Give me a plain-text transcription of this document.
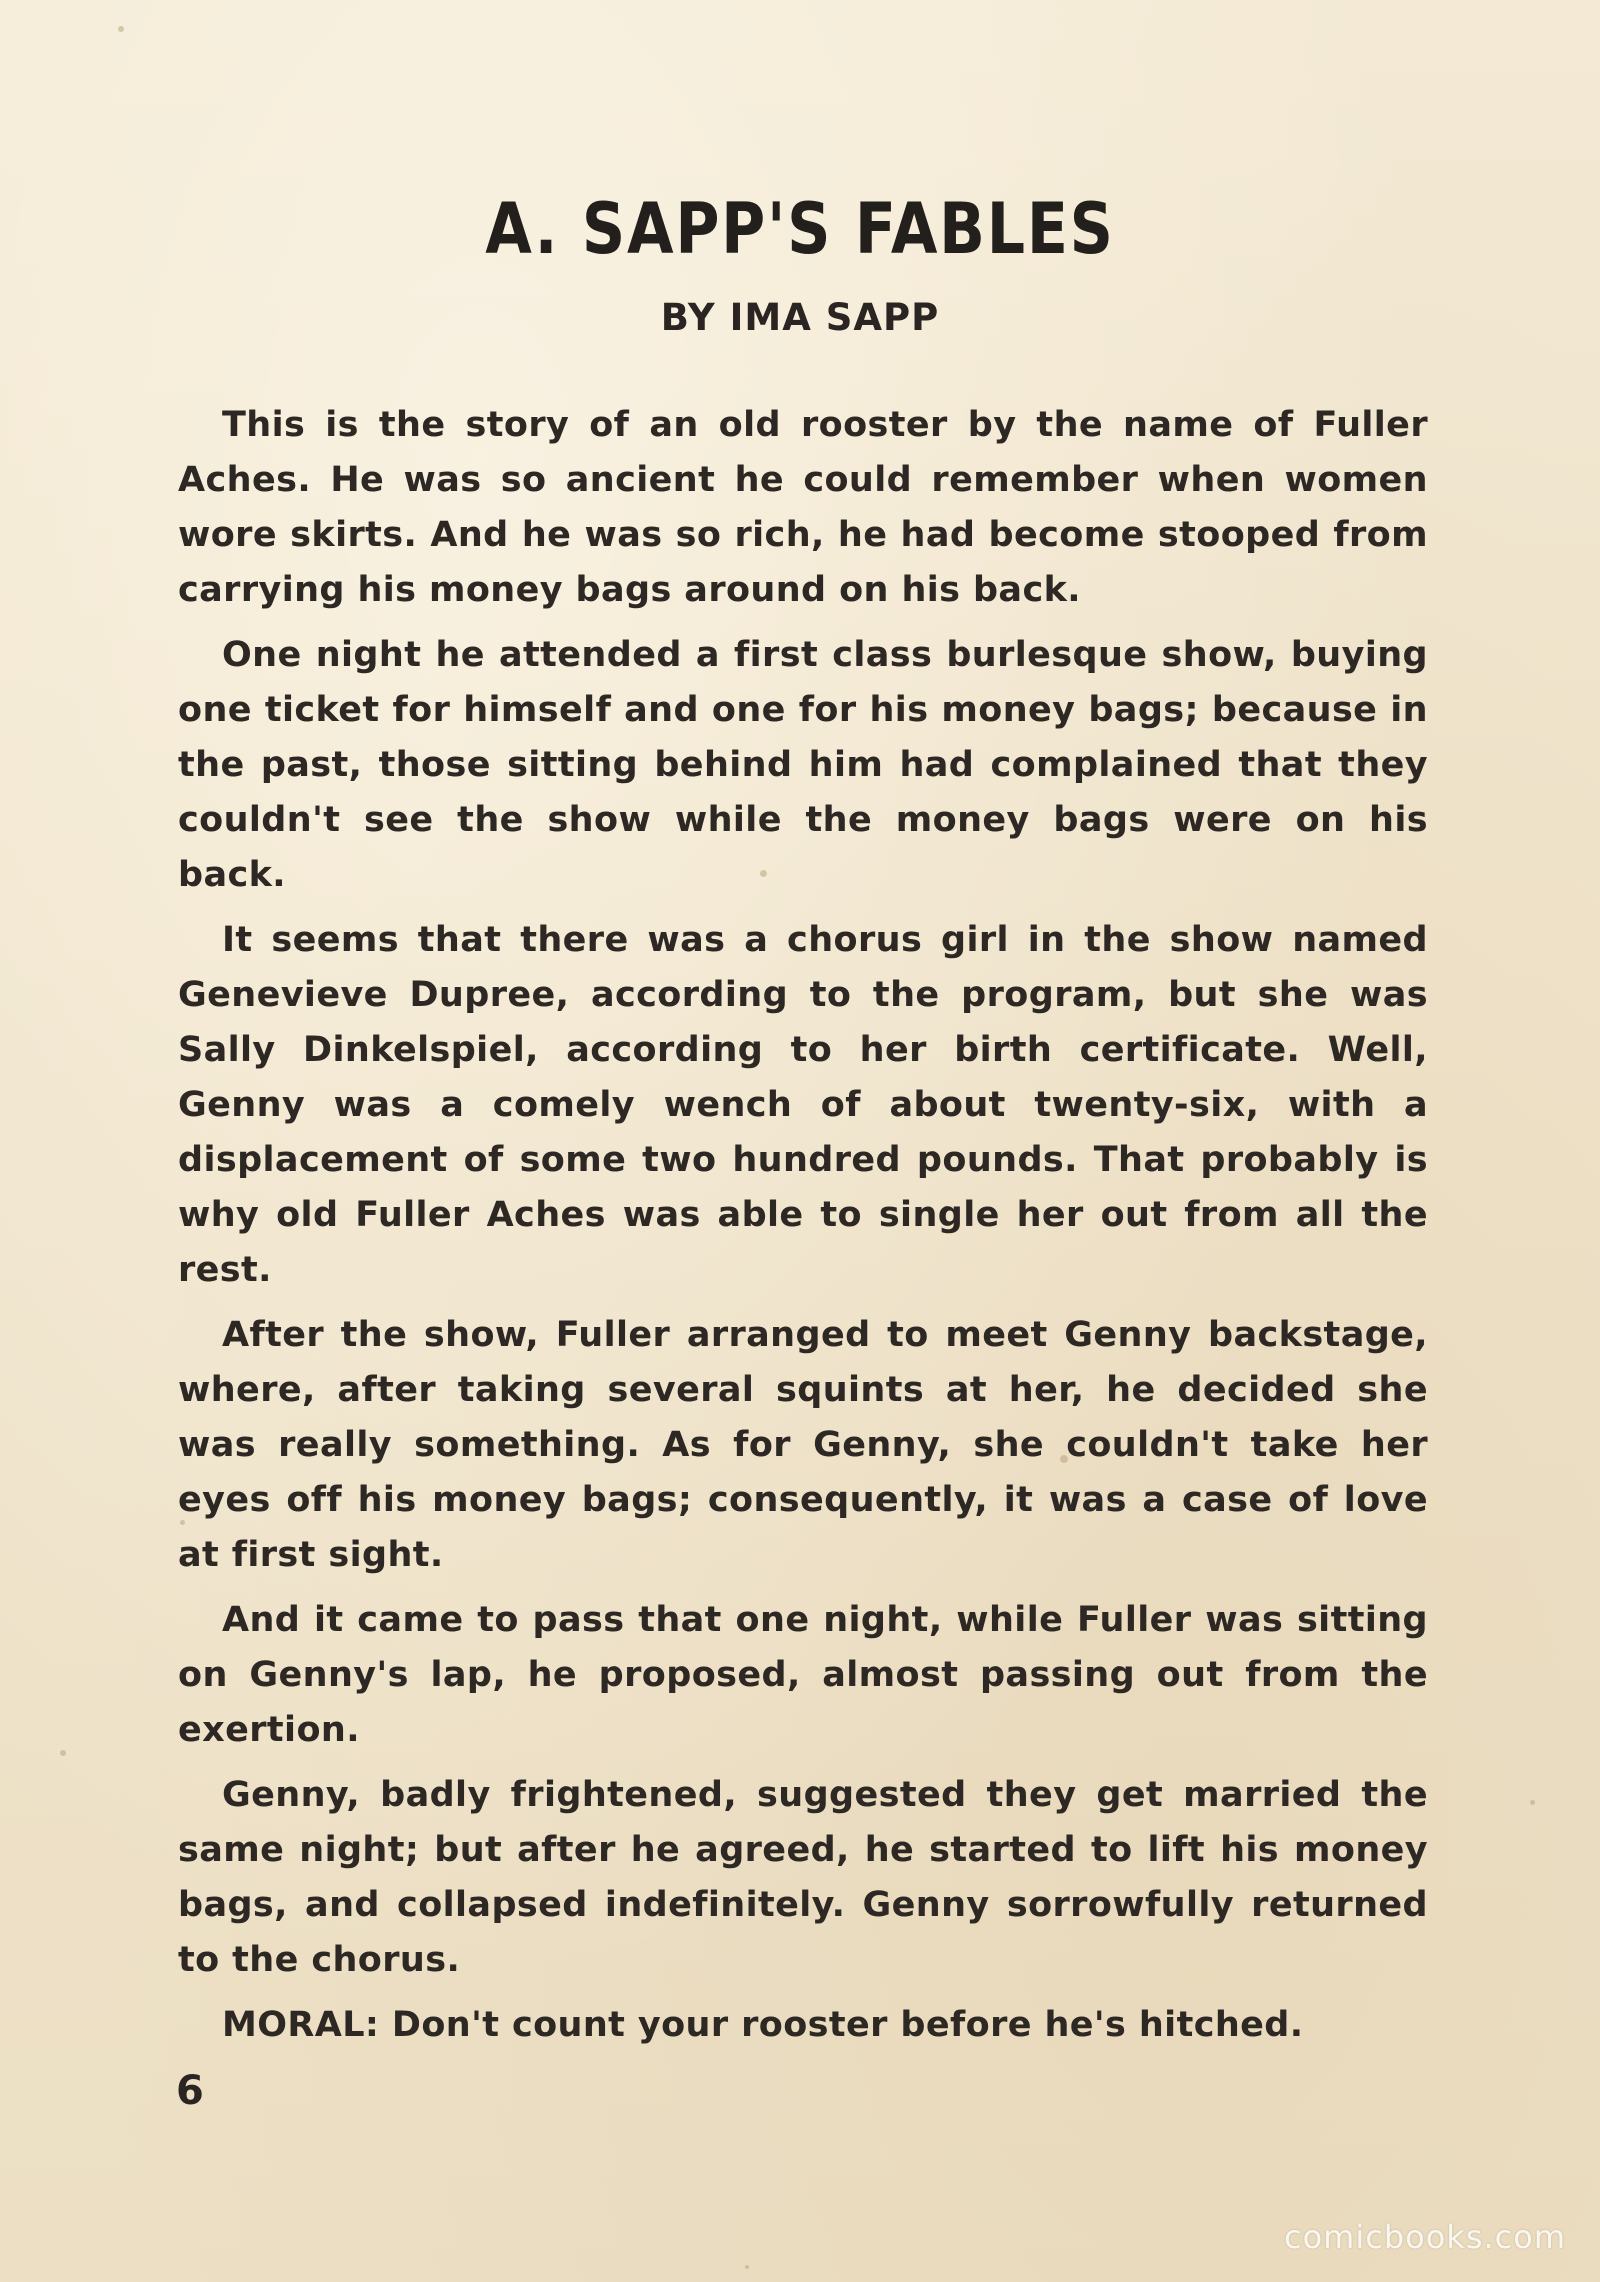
A. SAPP'S FABLES
BY IMA SAPP

This is the story of an old rooster by the name of Fuller Aches. He was so ancient he could remember when women wore skirts. And he was so rich, he had become stooped from carrying his money bags around on his back.

One night he attended a first class burlesque show, buying one ticket for himself and one for his money bags; because in the past, those sitting behind him had complained that they couldn't see the show while the money bags were on his back.

It seems that there was a chorus girl in the show named Genevieve Dupree, according to the program, but she was Sally Dinkelspiel, according to her birth certificate. Well, Genny was a comely wench of about twenty-six, with a displacement of some two hundred pounds. That probably is why old Fuller Aches was able to single her out from all the rest.

After the show, Fuller arranged to meet Genny backstage, where, after taking several squints at her, he decided she was really something. As for Genny, she couldn't take her eyes off his money bags; consequently, it was a case of love at first sight.

And it came to pass that one night, while Fuller was sitting on Genny's lap, he proposed, almost passing out from the exertion.

Genny, badly frightened, suggested they get married the same night; but after he agreed, he started to lift his money bags, and collapsed indefinitely. Genny sorrowfully returned to the chorus.

MORAL: Don't count your rooster before he's hitched.

6
comicbooks.com
